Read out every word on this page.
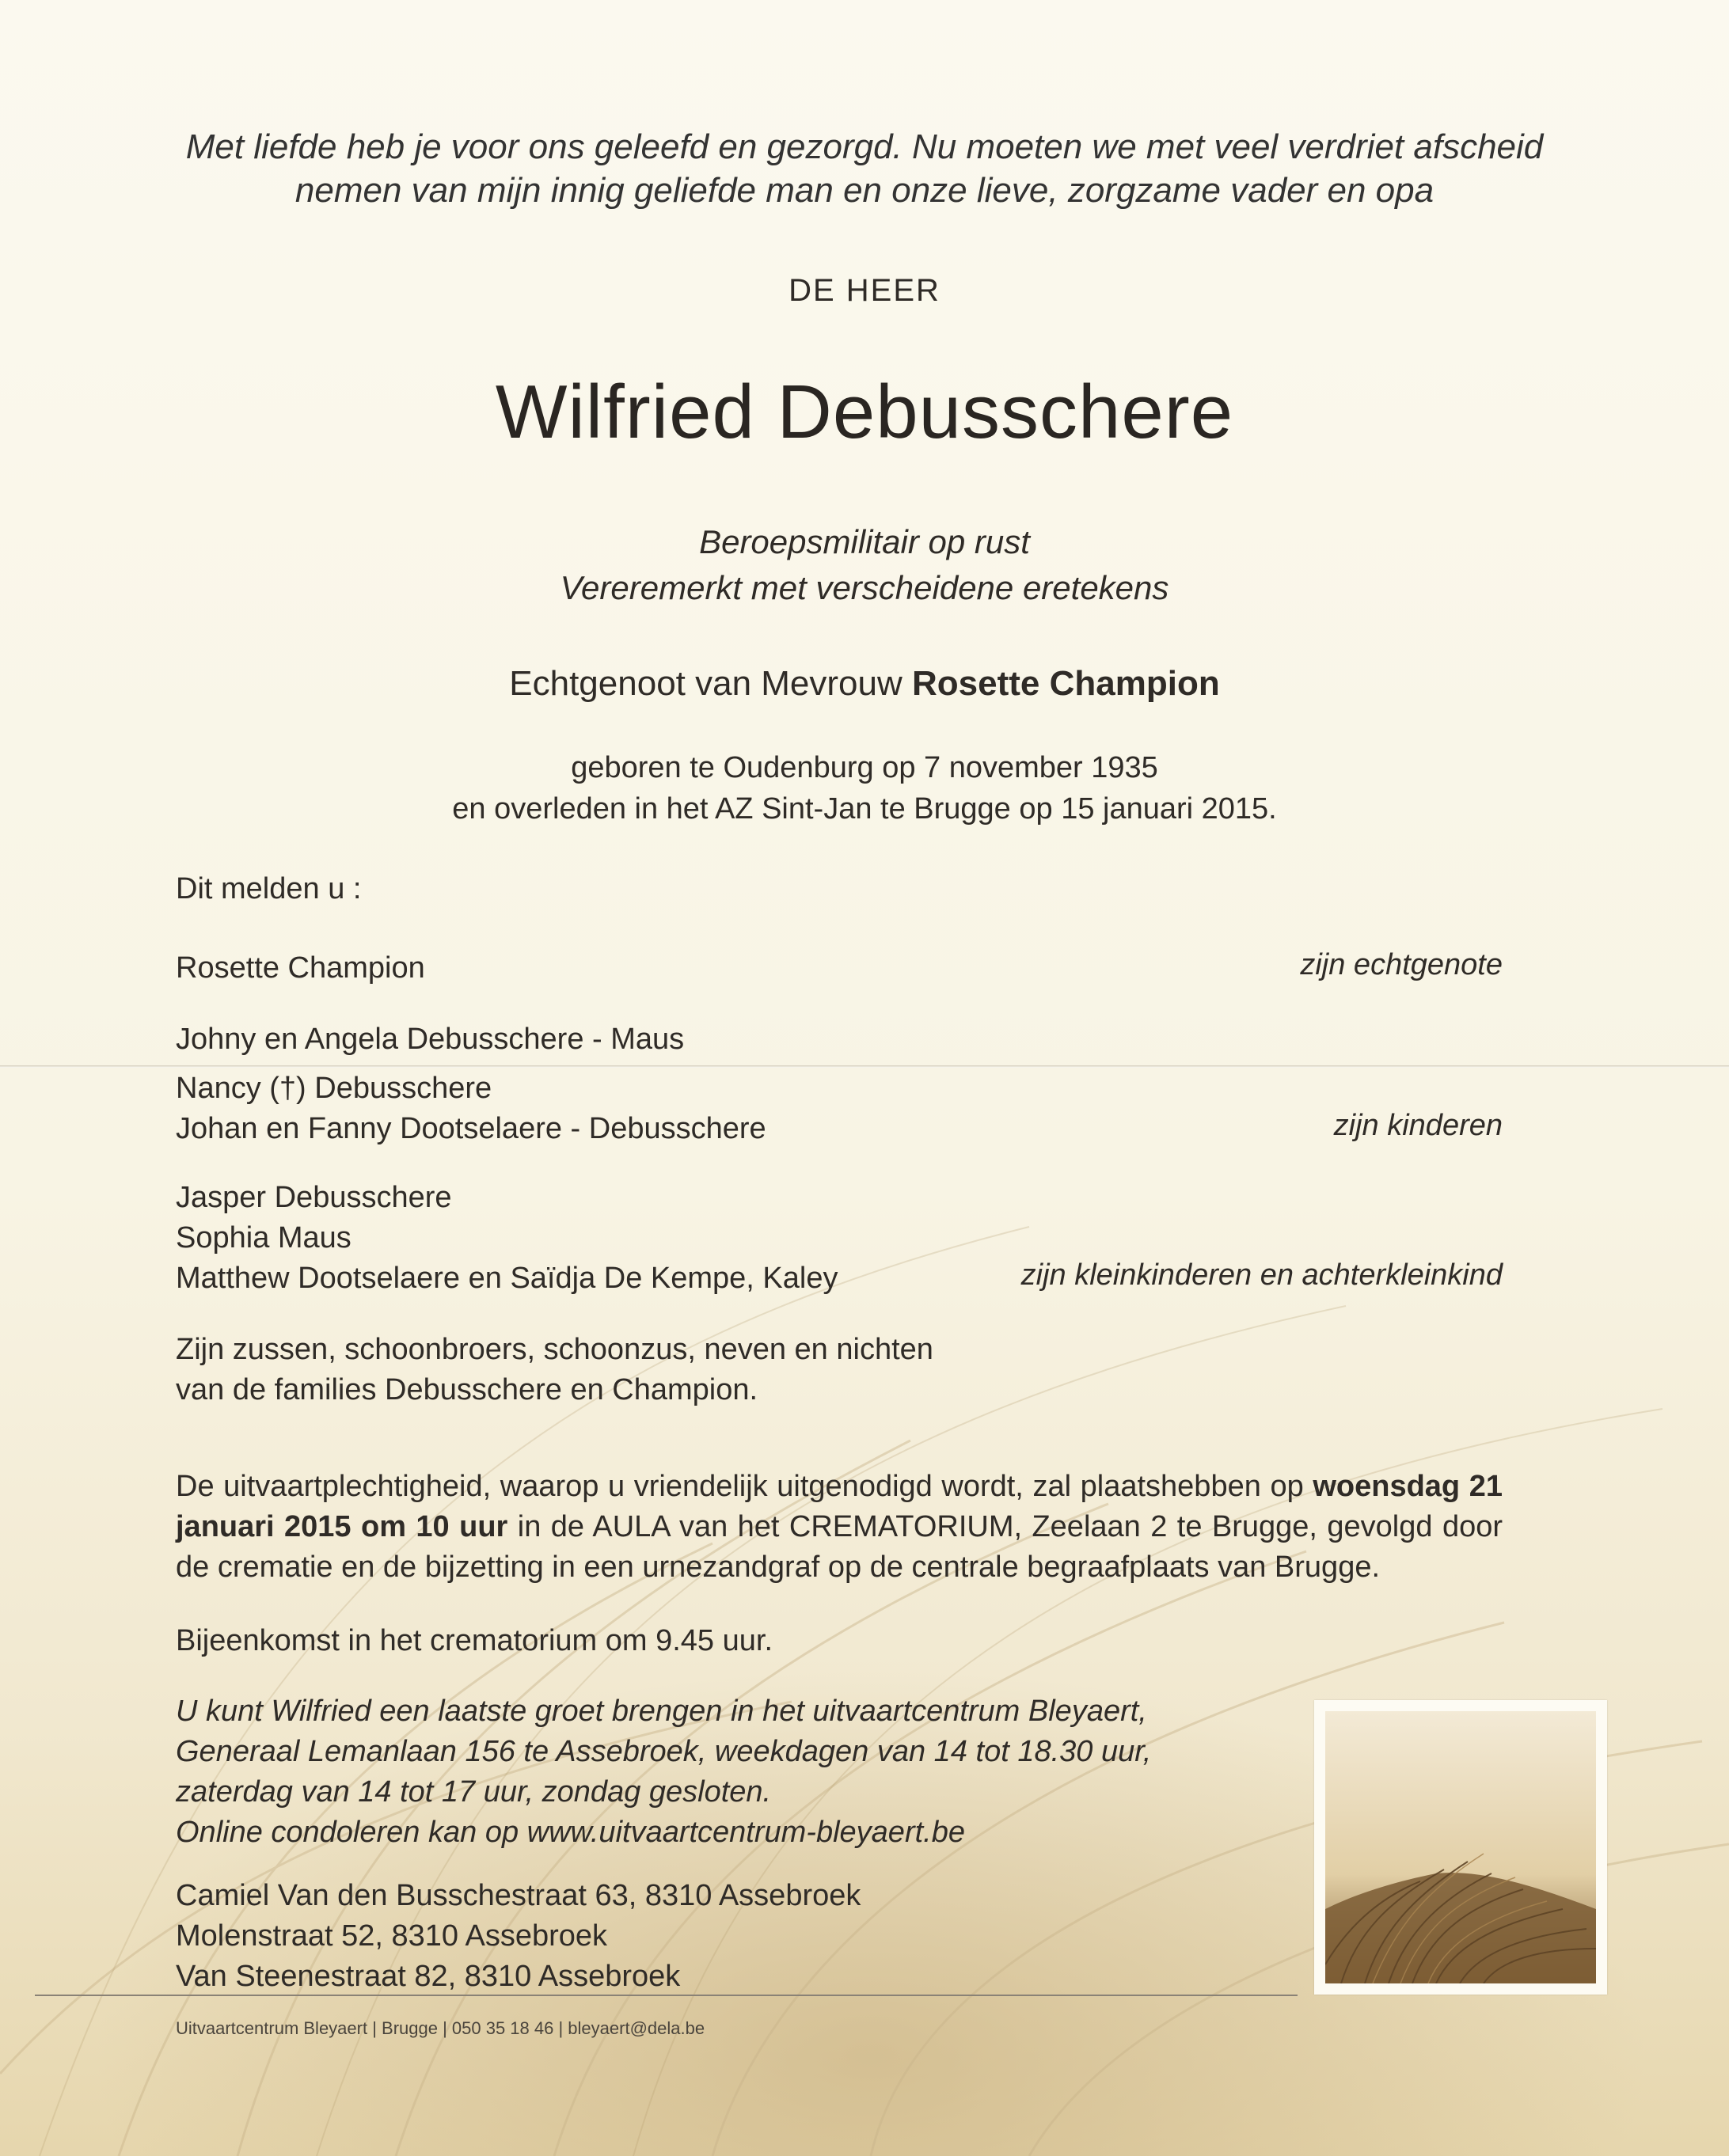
Met liefde heb je voor ons geleefd en gezorgd. Nu moeten we met veel verdriet afscheid

nemen van mijn innig geliefde man en onze lieve, zorgzame vader en opa

DE HEER

Wilfried Debusschere

Beroepsmilitair op rust

Vereremerkt met verscheidene eretekens

Echtgenoot van Mevrouw Rosette Champion

geboren te Oudenburg op 7 november 1935

en overleden in het AZ Sint-Jan te Brugge op 15 januari 2015.

Dit melden u :

Rosette Champion	zijn echtgenote

Johny en Angela Debusschere - Maus

Nancy (†) Debusschere

Johan en Fanny Dootselaere - Debusschere	zijn kinderen

Jasper Debusschere

Sophia Maus

Matthew Dootselaere en Saïdja De Kempe, Kaley	zijn kleinkinderen en achterkleinkind

Zijn zussen, schoonbroers, schoonzus, neven en nichten

van de families Debusschere en Champion.

De uitvaartplechtigheid, waarop u vriendelijk uitgenodigd wordt, zal plaatshebben op woensdag 21 januari 2015 om 10 uur in de AULA van het CREMATORIUM, Zeelaan 2 te Brugge, gevolgd door de crematie en de bijzetting in een urnezandgraf op de centrale begraafplaats van Brugge.

Bijeenkomst in het crematorium om 9.45 uur.

U kunt Wilfried een laatste groet brengen in het uitvaartcentrum Bleyaert,

Generaal Lemanlaan 156 te Assebroek, weekdagen van 14 tot 18.30 uur,

zaterdag van 14 tot 17 uur, zondag gesloten.

Online condoleren kan op www.uitvaartcentrum-bleyaert.be

Camiel Van den Busschestraat 63, 8310 Assebroek

Molenstraat 52, 8310 Assebroek

Van Steenestraat 82, 8310 Assebroek

Uitvaartcentrum Bleyaert | Brugge | 050 35 18 46 | bleyaert@dela.be
